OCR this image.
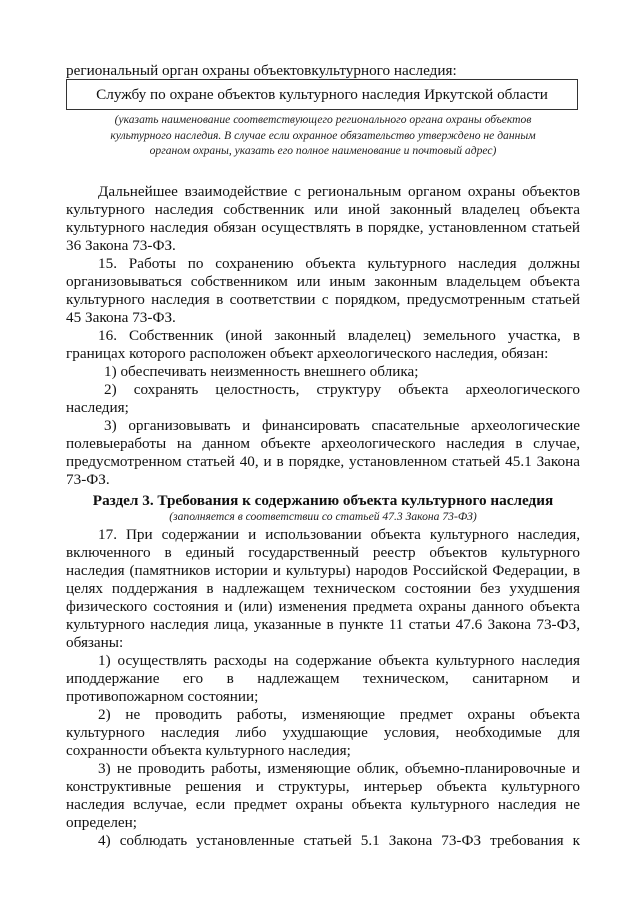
региональный орган охраны объектовкультурного наследия:
Службу по охране объектов культурного наследия Иркутской области
(указать наименование соответствующего регионального органа охраны объектов
культурного наследия. В случае если охранное обязательство утверждено не данным
органом охраны, указать его полное наименование и почтовый адрес)
Дальнейшее взаимодействие с региональным органом охраны объектов
культурного наследия собственник или иной законный владелец объекта
культурного наследия обязан осуществлять в порядке, установленном статьей
36 Закона 73-ФЗ.
15. Работы по сохранению объекта культурного наследия должны
организовываться собственником или иным законным владельцем объекта
культурного наследия в соответствии с порядком, предусмотренным статьей
45 Закона 73-ФЗ.
16. Собственник (иной законный владелец) земельного участка, в
границах которого расположен объект археологического наследия, обязан:
1) обеспечивать неизменность внешнего облика;
2) сохранять целостность, структуру объекта археологического
наследия;
3) организовывать и финансировать спасательные археологические
полевыеработы на данном объекте археологического наследия в случае,
предусмотренном статьей 40, и в порядке, установленном статьей 45.1 Закона
73-ФЗ.
Раздел 3. Требования к содержанию объекта культурного наследия
(заполняется в соответствии со статьей 47.3 Закона 73-ФЗ)
17. При содержании и использовании объекта культурного наследия,
включенного в единый государственный реестр объектов культурного
наследия (памятников истории и культуры) народов Российской Федерации, в
целях поддержания в надлежащем техническом состоянии без ухудшения
физического состояния и (или) изменения предмета охраны данного объекта
культурного наследия лица, указанные в пункте 11 статьи 47.6 Закона 73-ФЗ,
обязаны:
1) осуществлять расходы на содержание объекта культурного наследия
иподдержание его в надлежащем техническом, санитарном и
противопожарном состоянии;
2) не проводить работы, изменяющие предмет охраны объекта
культурного наследия либо ухудшающие условия, необходимые для
сохранности объекта культурного наследия;
3) не проводить работы, изменяющие облик, объемно-планировочные и
конструктивные решения и структуры, интерьер объекта культурного
наследия вслучае, если предмет охраны объекта культурного наследия не
определен;
4) соблюдать установленные статьей 5.1 Закона 73-ФЗ требования к
